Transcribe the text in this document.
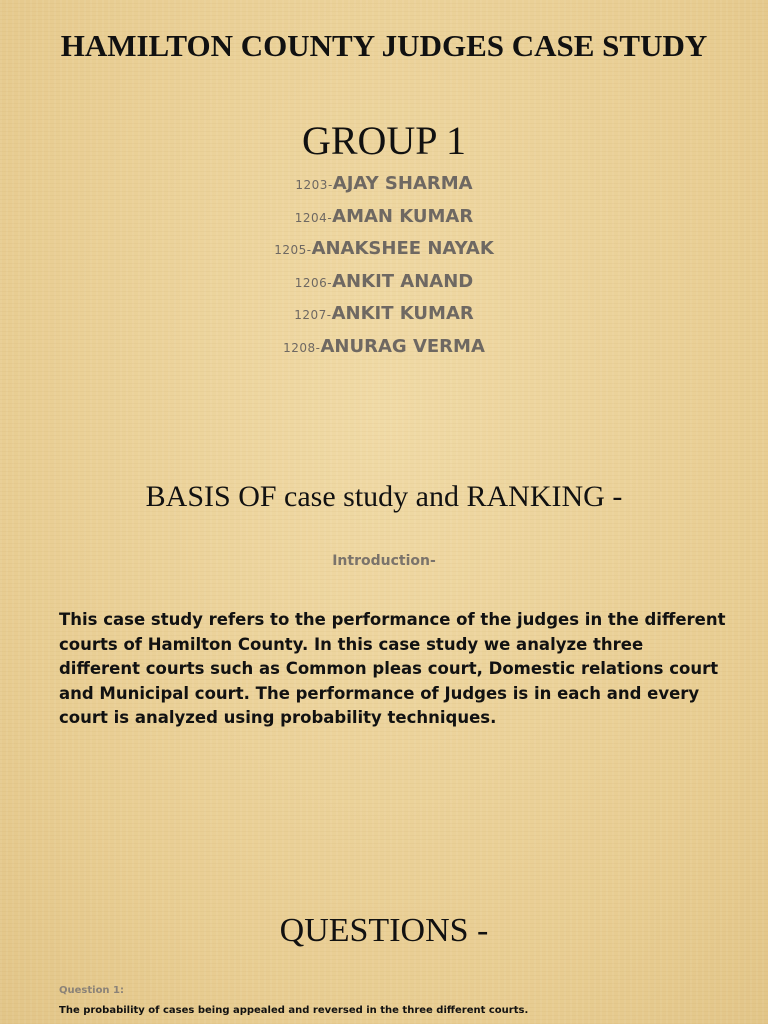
HAMILTON COUNTY JUDGES CASE STUDY
GROUP 1
1203-AJAY SHARMA
1204-AMAN KUMAR
1205-ANAKSHEE NAYAK
1206-ANKIT ANAND
1207-ANKIT KUMAR
1208-ANURAG VERMA
BASIS OF case study and RANKING -
Introduction-
This case study refers to the performance of the judges in the different courts of Hamilton County. In this case study we analyze three different courts such as Common pleas court, Domestic relations court and Municipal court. The performance of Judges is in each and every court is analyzed using probability techniques.
QUESTIONS -
Question 1:
The probability of cases being appealed and reversed in the three different courts.
